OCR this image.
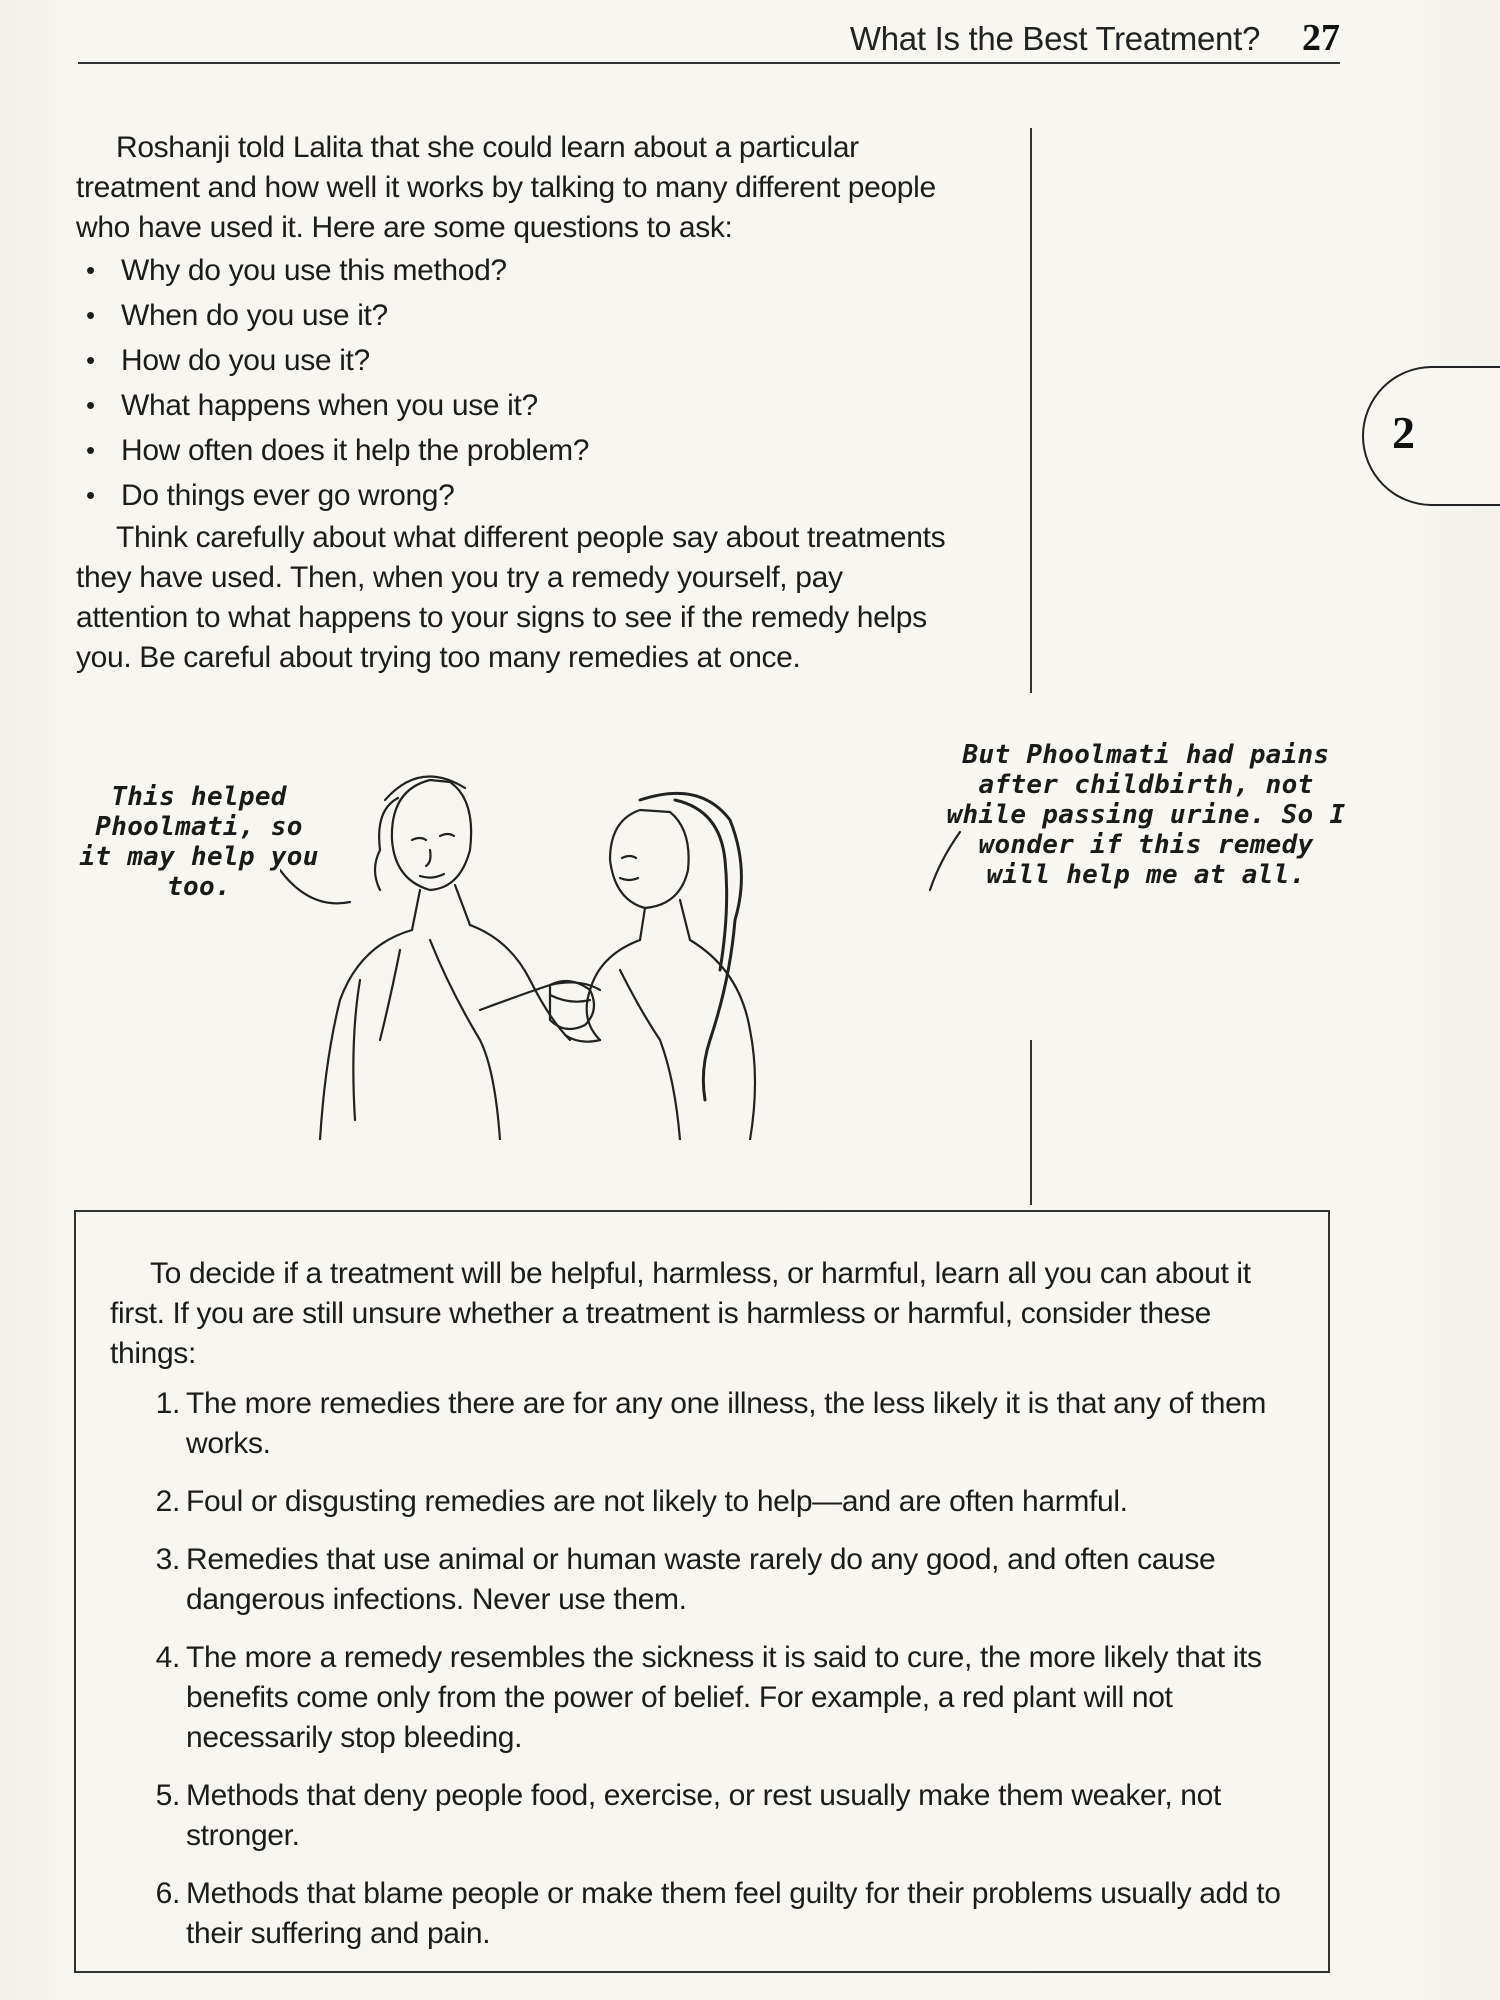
What Is the Best Treatment? 27
2

Roshanji told Lalita that she could learn about a particular treatment and how well it works by talking to many different people who have used it. Here are some questions to ask:

• Why do you use this method?
• When do you use it?
• How do you use it?
• What happens when you use it?
• How often does it help the problem?
• Do things ever go wrong?

Think carefully about what different people say about treatments they have used. Then, when you try a remedy yourself, pay attention to what happens to your signs to see if the remedy helps you. Be careful about trying too many remedies at once.

This helped Phoolmati, so it may help you too.
But Phoolmati had pains after childbirth, not while passing urine. So I wonder if this remedy will help me at all.

To decide if a treatment will be helpful, harmless, or harmful, learn all you can about it first. If you are still unsure whether a treatment is harmless or harmful, consider these things:

1. The more remedies there are for any one illness, the less likely it is that any of them works.
2. Foul or disgusting remedies are not likely to help—and are often harmful.
3. Remedies that use animal or human waste rarely do any good, and often cause dangerous infections. Never use them.
4. The more a remedy resembles the sickness it is said to cure, the more likely that its benefits come only from the power of belief. For example, a red plant will not necessarily stop bleeding.
5. Methods that deny people food, exercise, or rest usually make them weaker, not stronger.
6. Methods that blame people or make them feel guilty for their problems usually add to their suffering and pain.
